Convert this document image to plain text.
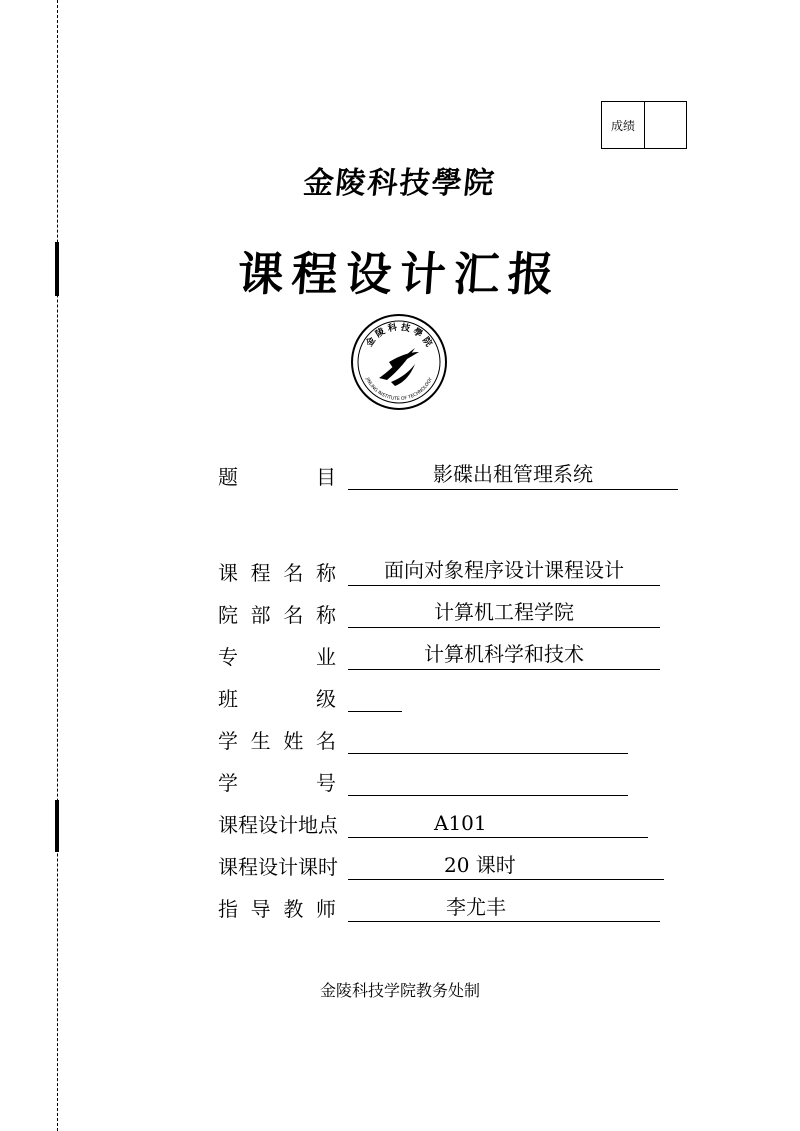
成绩
金陵科技學院
课程设计汇报
金 陵 科 技 學 院
JINLING INSTITUTE OF TECHNOLOGY
题	目	影碟出租管理系统
课 程 名 称	面向对象程序设计课程设计
院 部 名 称	计算机工程学院
专	业	计算机科学和技术
班	级
学 生 姓 名
学	号
课程设计地点	A101
课程设计课时	20 课时
指 导 教 师	李尤丰
金陵科技学院教务处制
